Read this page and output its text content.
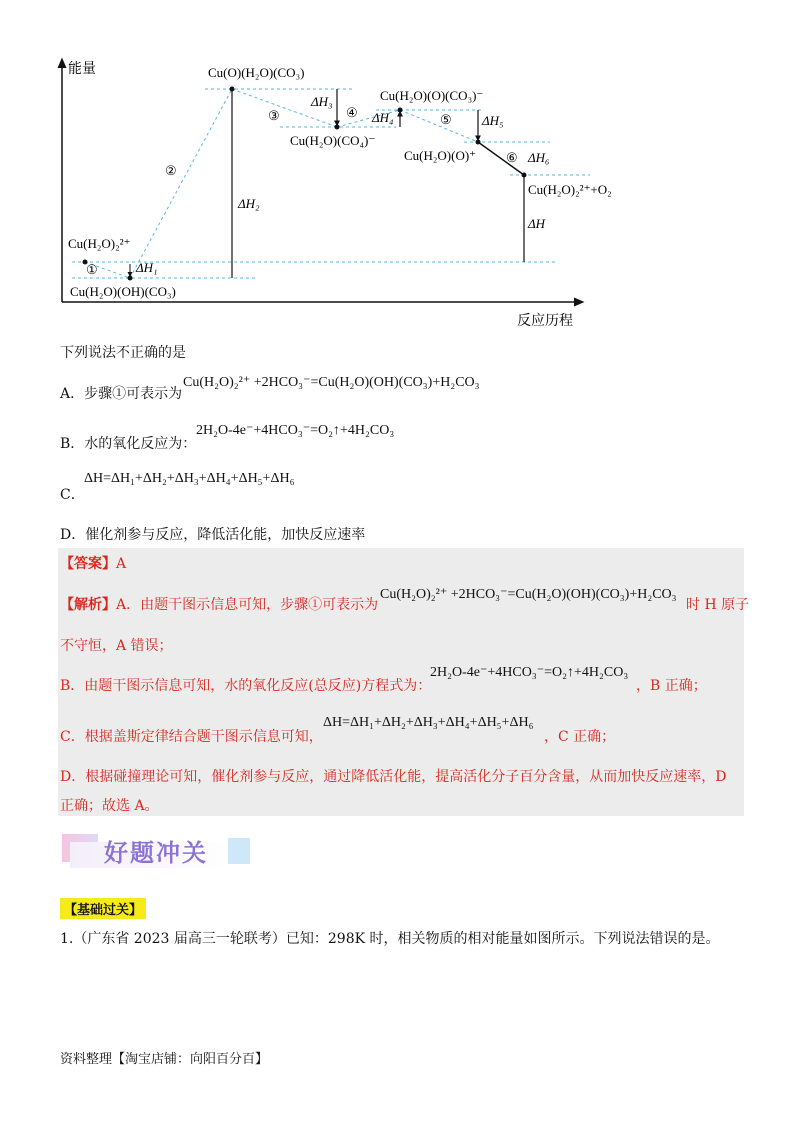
能量
反应历程
Cu(H₂O)₂²⁺
Cu(H₂O)(OH)(CO₃)
Cu(O)(H₂O)(CO₃)
Cu(H₂O)(CO₄)⁻
Cu(H₂O)(O)(CO₃)⁻
Cu(H₂O)(O)⁺
Cu(H₂O)₂²⁺+O₂
①
②
③	④	⑤
⑥
ΔH₁
ΔH₂
ΔH₃
ΔH₄	ΔH₅
ΔH₆
ΔH
下列说法不正确的是
A．步骤①可表示为
Cu(H₂O)₂²⁺ +2HCO₃⁻=Cu(H₂O)(OH)(CO₃)+H₂CO₃
B．水的氧化反应为：
2H₂O-4e⁻+4HCO₃⁻=O₂↑+4H₂CO₃
C．
ΔH=ΔH₁+ΔH₂+ΔH₃+ΔH₄+ΔH₅+ΔH₆
D．催化剂参与反应，降低活化能，加快反应速率
【答案】A
【解析】A．由题干图示信息可知，步骤①可表示为
Cu(H₂O)₂²⁺ +2HCO₃⁻=Cu(H₂O)(OH)(CO₃)+H₂CO₃
时 H 原子
不守恒，A 错误；
B．由题干图示信息可知，水的氧化反应(总反应)方程式为：
2H₂O-4e⁻+4HCO₃⁻=O₂↑+4H₂CO₃
，B 正确；
C．根据盖斯定律结合题干图示信息可知，
ΔH=ΔH₁+ΔH₂+ΔH₃+ΔH₄+ΔH₅+ΔH₆
，C 正确；
D．根据碰撞理论可知，催化剂参与反应，通过降低活化能，提高活化分子百分含量，从而加快反应速率，D
正确；故选 A。
好题冲关
【基础过关】
1.（广东省 2023 届高三一轮联考）已知：298K 时，相关物质的相对能量如图所示。下列说法错误的是。
资料整理【淘宝店铺：向阳百分百】
